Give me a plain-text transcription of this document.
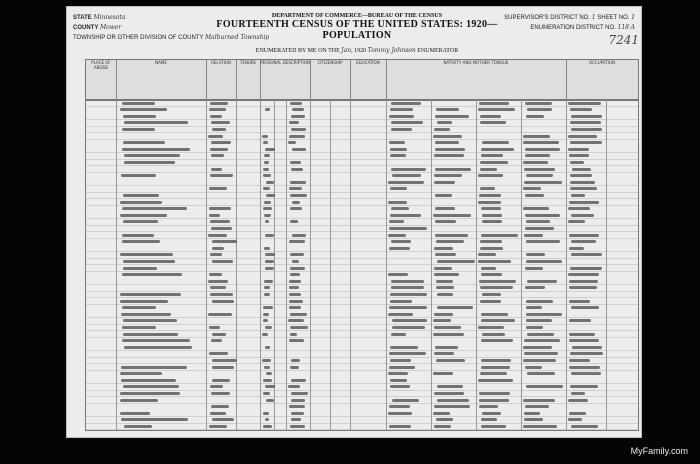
STATE Minnesota
COUNTY Mower
TOWNSHIP OR OTHER DIVISION OF COUNTY Malburned Township
DEPARTMENT OF COMMERCE—BUREAU OF THE CENSUS
FOURTEENTH CENSUS OF THE UNITED STATES: 1920—POPULATION
ENUMERATED BY ME ON THE Jan, 1920 Tommy Johnson ENUMERATOR
SUPERVISOR'S DISTRICT NO. 1 SHEET NO. 1
ENUMERATION DISTRICT NO. 118 A
7241
PLACE OF ABODE
NAME	RELATION	TENURE	PERSONAL DESCRIPTION	CITIZENSHIP	EDUCATION	NATIVITY AND MOTHER TONGUE	OCCUPATION
MyFamily.com
